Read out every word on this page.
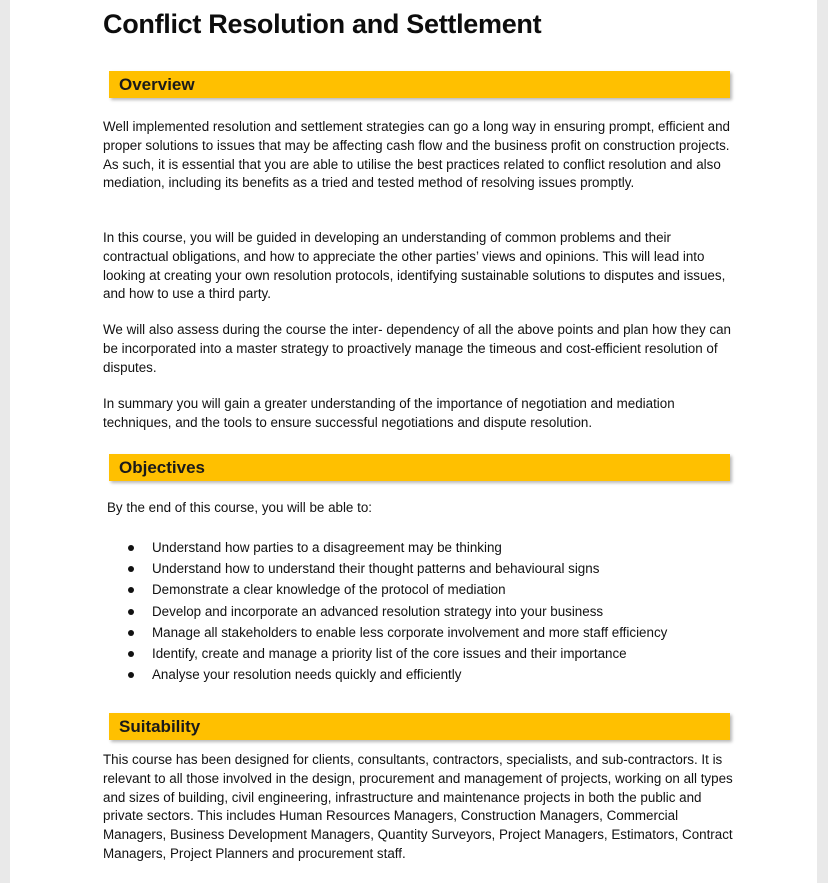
Conflict Resolution and Settlement
Overview

Well implemented resolution and settlement strategies can go a long way in ensuring prompt, efficient and proper solutions to issues that may be affecting cash flow and the business profit on construction projects. As such, it is essential that you are able to utilise the best practices related to conflict resolution and also mediation, including its benefits as a tried and tested method of resolving issues promptly.

In this course, you will be guided in developing an understanding of common problems and their contractual obligations, and how to appreciate the other parties’ views and opinions. This will lead into looking at creating your own resolution protocols, identifying sustainable solutions to disputes and issues, and how to use a third party.

We will also assess during the course the inter- dependency of all the above points and plan how they can be incorporated into a master strategy to proactively manage the timeous and cost-efficient resolution of disputes.

In summary you will gain a greater understanding of the importance of negotiation and mediation techniques, and the tools to ensure successful negotiations and dispute resolution.

Objectives

By the end of this course, you will be able to:

Understand how parties to a disagreement may be thinking
Understand how to understand their thought patterns and behavioural signs
Demonstrate a clear knowledge of the protocol of mediation
Develop and incorporate an advanced resolution strategy into your business
Manage all stakeholders to enable less corporate involvement and more staff efficiency
Identify, create and manage a priority list of the core issues and their importance
Analyse your resolution needs quickly and efficiently
Suitability

This course has been designed for clients, consultants, contractors, specialists, and sub-contractors. It is relevant to all those involved in the design, procurement and management of projects, working on all types and sizes of building, civil engineering, infrastructure and maintenance projects in both the public and private sectors. This includes Human Resources Managers, Construction Managers, Commercial Managers, Business Development Managers, Quantity Surveyors, Project Managers, Estimators, Contract Managers, Project Planners and procurement staff.
